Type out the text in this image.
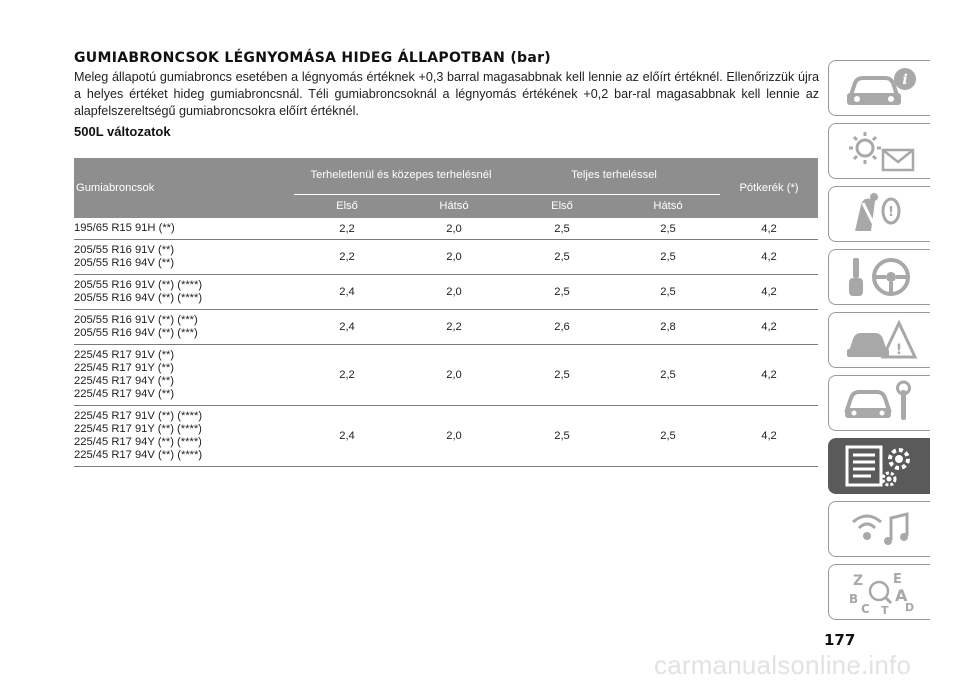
GUMIABRONCSOK LÉGNYOMÁSA HIDEG ÁLLAPOTBAN (bar)

Meleg állapotú gumiabroncs esetében a légnyomás értéknek +0,3 barral magasabbnak kell lennie az előírt értéknél. Ellenőrizzük újra a helyes értéket hideg gumiabroncsnál. Téli gumiabroncsoknál a légnyomás értékének +0,2 bar-ral magasabbnak kell lennie az alapfelszereltségű gumiabroncsokra előírt értéknél.

500L változatok
Gumiabroncsok	Terheletlenül és közepes terhelésnél		Teljes terheléssel		Pótkerék (*)
	Első	Hátsó	Első	Hátsó	

195/65 R15 91H (**)	2,2	2,0	2,5	2,5	4,2

205/55 R16 91V (**)
205/55 R16 94V (**)	2,2	2,0	2,5	2,5	4,2

205/55 R16 91V (**) (****)
205/55 R16 94V (**) (****)	2,4	2,0	2,5	2,5	4,2

205/55 R16 91V (**) (***)
205/55 R16 94V (**) (***)	2,4	2,2	2,6	2,8	4,2

225/45 R17 91V (**)
225/45 R17 91Y (**)
225/45 R17 94Y (**)
225/45 R17 94V (**)	2,2	2,0	2,5	2,5	4,2

225/45 R17 91V (**) (****)
225/45 R17 91Y (**) (****)
225/45 R17 94Y (**) (****)
225/45 R17 94V (**) (****)	2,4	2,0	2,5	2,5	4,2
i
!
!
Z E
B A
C	D
T
177
carmanualsonline.info
